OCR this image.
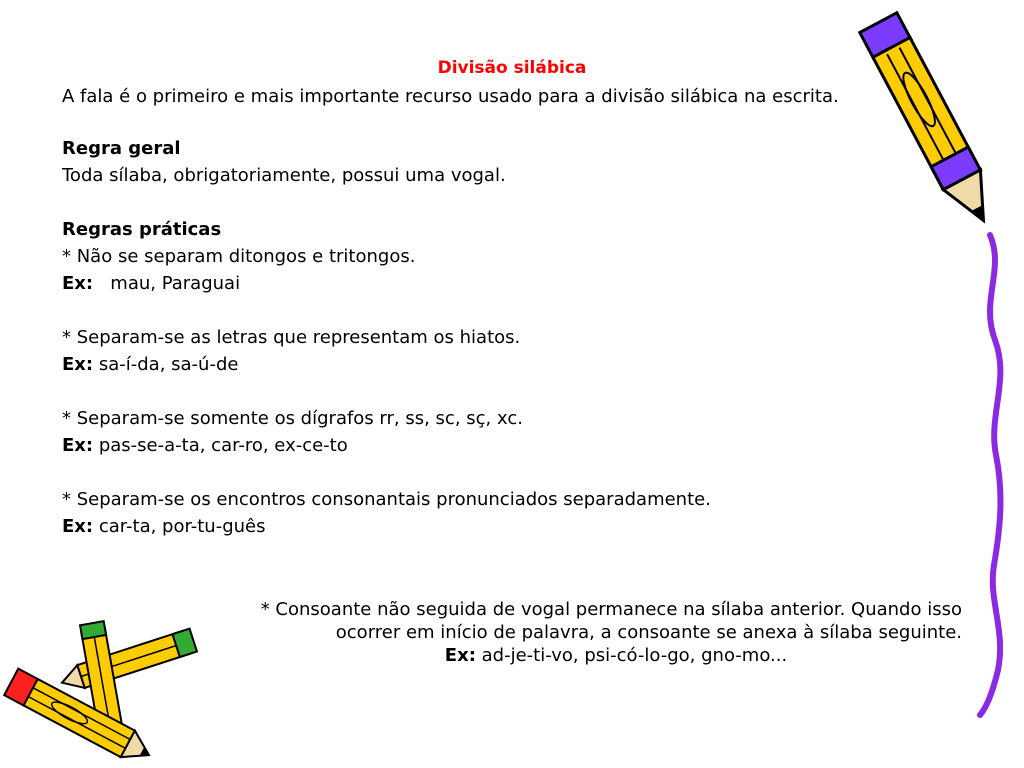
Divisão silábica

A fala é o primeiro e mais importante recurso usado para a divisão silábica na escrita.

Regra geral

Toda sílaba, obrigatoriamente, possui uma vogal.

Regras práticas

* Não se separam ditongos e tritongos.

Ex: mau, Paraguai

* Separam-se as letras que representam os hiatos.

Ex: sa-í-da, sa-ú-de

* Separam-se somente os dígrafos rr, ss, sc, sç, xc.

Ex: pas-se-a-ta, car-ro, ex-ce-to

* Separam-se os encontros consonantais pronunciados separadamente.

Ex: car-ta, por-tu-guês

* Consoante não seguida de vogal permanece na sílaba anterior. Quando isso
ocorrer em início de palavra, a consoante se anexa à sílaba seguinte.
Ex: ad-je-ti-vo, psi-có-lo-go, gno-mo...
